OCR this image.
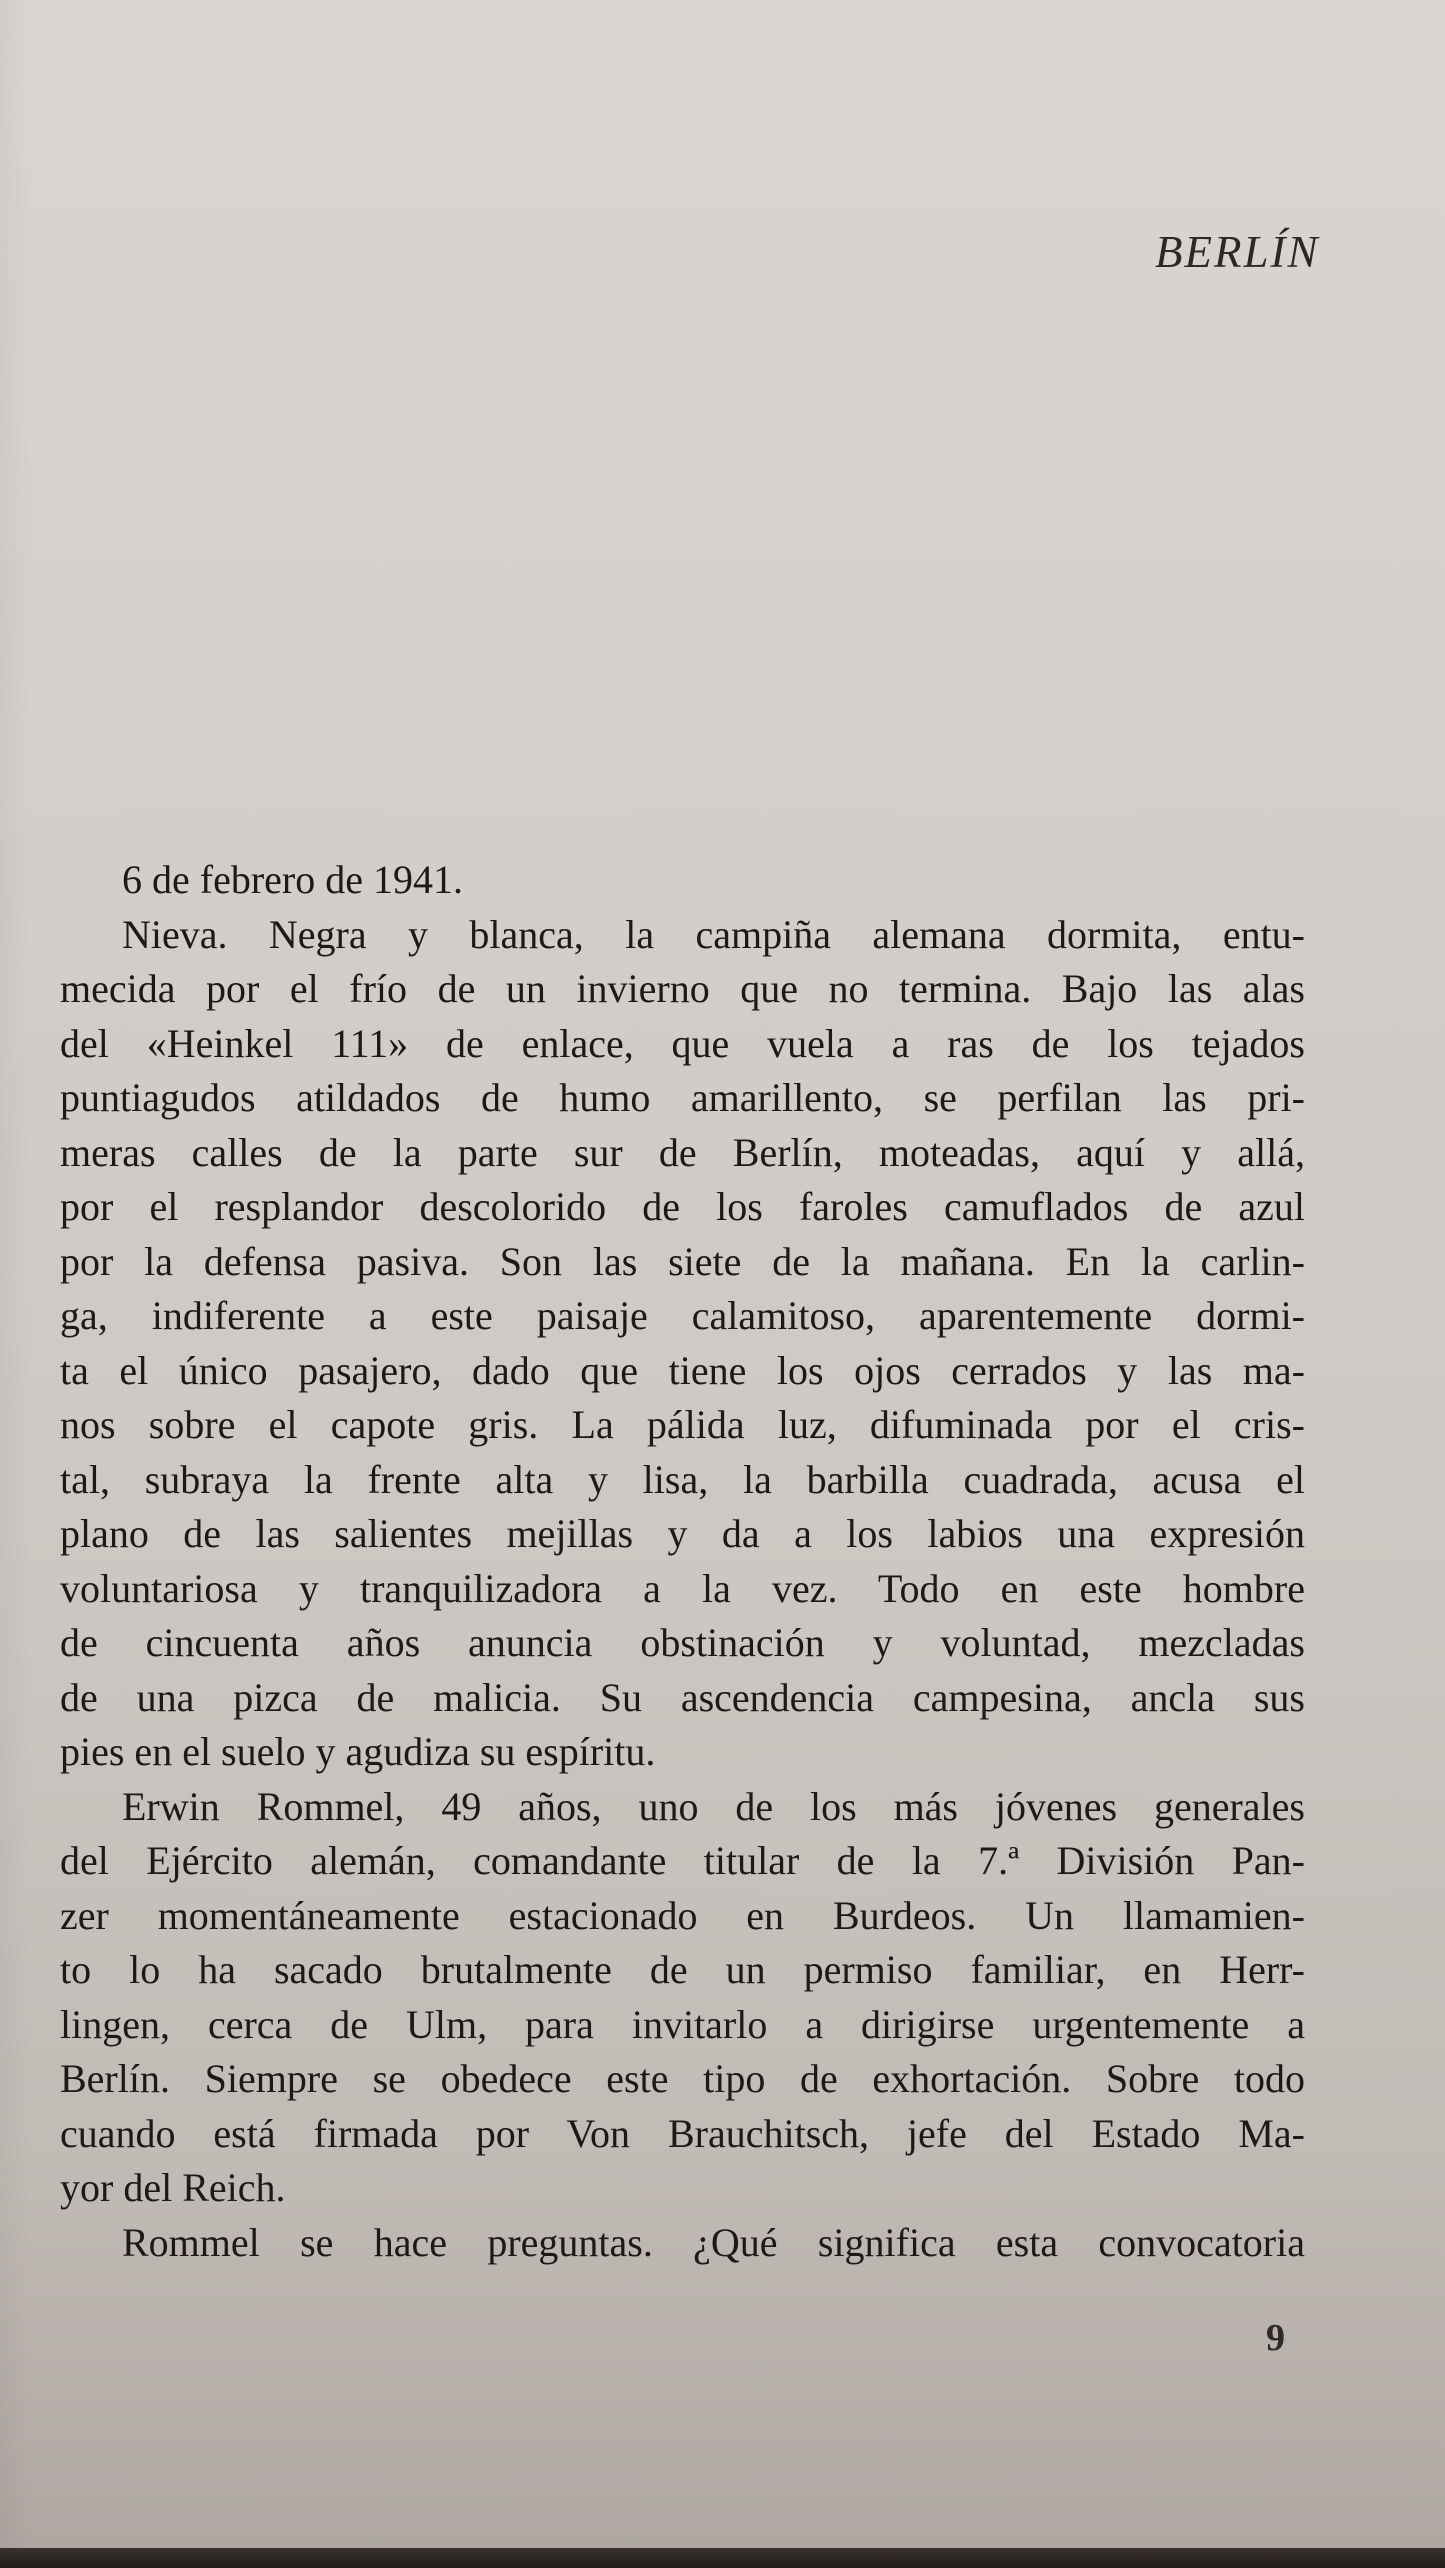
BERLÍN
6 de febrero de 1941.
Nieva. Negra y blanca, la campiña alemana dormita, entu-
mecida por el frío de un invierno que no termina. Bajo las alas
del «Heinkel 111» de enlace, que vuela a ras de los tejados
puntiagudos atildados de humo amarillento, se perfilan las pri-
meras calles de la parte sur de Berlín, moteadas, aquí y allá,
por el resplandor descolorido de los faroles camuflados de azul
por la defensa pasiva. Son las siete de la mañana. En la carlin-
ga, indiferente a este paisaje calamitoso, aparentemente dormi-
ta el único pasajero, dado que tiene los ojos cerrados y las ma-
nos sobre el capote gris. La pálida luz, difuminada por el cris-
tal, subraya la frente alta y lisa, la barbilla cuadrada, acusa el
plano de las salientes mejillas y da a los labios una expresión
voluntariosa y tranquilizadora a la vez. Todo en este hombre
de cincuenta años anuncia obstinación y voluntad, mezcladas
de una pizca de malicia. Su ascendencia campesina, ancla sus
pies en el suelo y agudiza su espíritu.
Erwin Rommel, 49 años, uno de los más jóvenes generales
del Ejército alemán, comandante titular de la 7.ª División Pan-
zer momentáneamente estacionado en Burdeos. Un llamamien-
to lo ha sacado brutalmente de un permiso familiar, en Herr-
lingen, cerca de Ulm, para invitarlo a dirigirse urgentemente a
Berlín. Siempre se obedece este tipo de exhortación. Sobre todo
cuando está firmada por Von Brauchitsch, jefe del Estado Ma-
yor del Reich.
Rommel se hace preguntas. ¿Qué significa esta convocatoria
9
